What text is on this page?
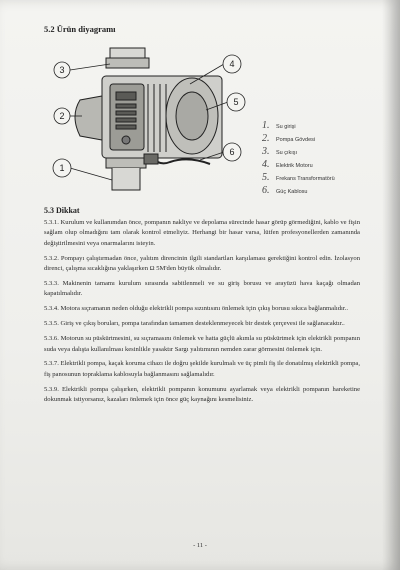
5.2 Ürün diyagramı
3
2
1
4
5
6
1.	Su girişi
2.	Pompa Gövdesi
3.	Su çıkışı
4.	Elektrik Motoru
5.	Frekans Transformatörü
6.	Güç Kablosu
5.3 Dikkat

5.3.1. Kurulum ve kullanımdan önce, pompanın nakliye ve depolama sürecinde hasar görüp görmediğini, kablo ve fişin sağlam olup olmadığını tam olarak kontrol etmeliyiz. Herhangi bir hasar varsa, lütfen profesyonellerden zamanında değiştirilmesini veya onarmalarını isteyin.

5.3.2. Pompayı çalıştırmadan önce, yalıtım direncinin ilgili standartları karşılaması gerektiğini kontrol edin. İzolasyon direnci, çalışma sıcaklığına yaklaşırken Ω 5M'den büyük olmalıdır.

5.3.3. Makinenin tamamı kurulum sırasında sabitlenmeli ve su giriş borusu ve arayüzü hava kaçağı olmadan kapatılmalıdır.

5.3.4. Motora sıçramanın neden olduğu elektrikli pompa sızıntısını önlemek için çıkış borusu sıkıca bağlanmalıdır..

5.3.5. Giriş ve çıkış boruları, pompa tarafından tamamen desteklenmeyecek bir destek çerçevesi ile sağlanacaktır..

5.3.6. Motorun su püskürtmesini, su sıçramasını önlemek ve hatta güçlü akımla su püskürtmek için elektrikli pompanın suda veya dalışta kullanılması kesinlikle yasaktır Sargı yalıtımının nemden zarar görmesini önlemek için.

5.3.7. Elektrikli pompa, kaçak koruma cihazı ile doğru şekilde kurulmalı ve üç pimli fiş ile donatılmış elektrikli pompa, fiş panosunun topraklama kablosuyla bağlanmasını sağlamalıdır.

5.3.9. Elektrikli pompa çalışırken, elektrikli pompanın konumunu ayarlamak veya elektrikli pompanın hareketine dokunmak istiyorsanız, kazaları önlemek için önce güç kaynağını kesmelisiniz.

- 11 -
